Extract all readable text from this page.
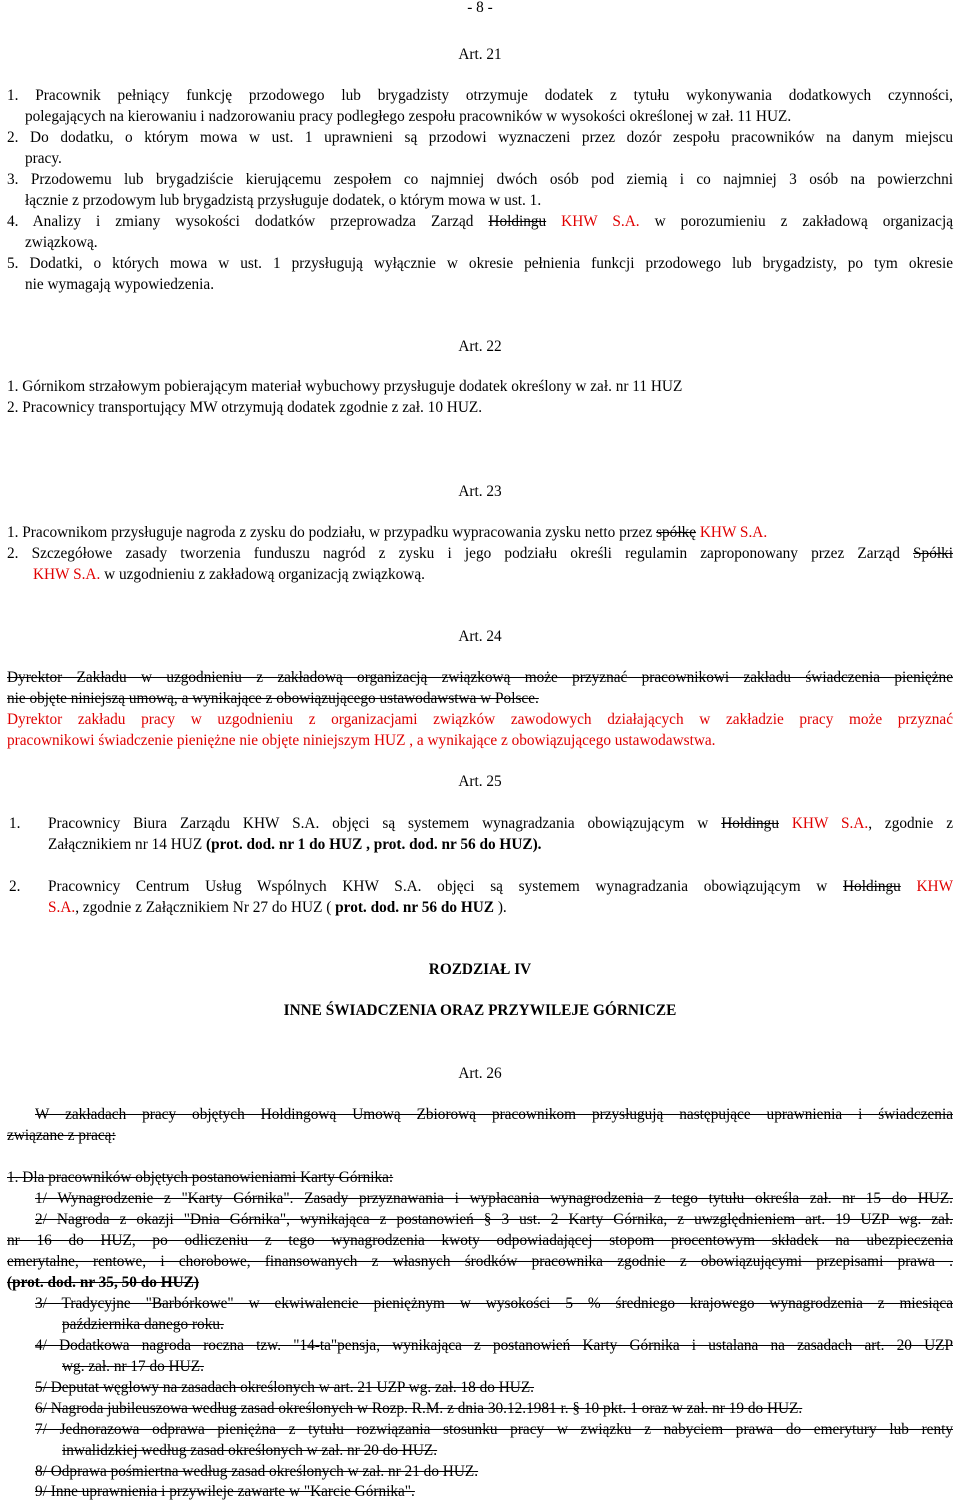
- 8 -
Art. 21
1. Pracownik pełniący funkcję przodowego lub brygadzisty otrzymuje dodatek z tytułu wykonywania dodatkowych czynności,
polegających na kierowaniu i nadzorowaniu pracy podległego zespołu pracowników w wysokości określonej w zał. 11 HUZ.
2. Do dodatku, o którym mowa w ust. 1 uprawnieni są przodowi wyznaczeni przez dozór zespołu pracowników na danym miejscu
pracy.
3. Przodowemu lub brygadziście kierującemu zespołem co najmniej dwóch osób pod ziemią i co najmniej 3 osób na powierzchni
łącznie z przodowym lub brygadzistą przysługuje dodatek, o którym mowa w ust. 1.
4. Analizy i zmiany wysokości dodatków przeprowadza Zarząd Holdingu KHW S.A. w porozumieniu z zakładową organizacją
związkową.
5. Dodatki, o których mowa w ust. 1 przysługują wyłącznie w okresie pełnienia funkcji przodowego lub brygadzisty, po tym okresie
nie wymagają wypowiedzenia.
Art. 22
1. Górnikom strzałowym pobierającym materiał wybuchowy przysługuje dodatek określony w zał. nr 11 HUZ
2. Pracownicy transportujący MW otrzymują dodatek zgodnie z zał. 10 HUZ.
Art. 23
1. Pracownikom przysługuje nagroda z zysku do podziału, w przypadku wypracowania zysku netto przez spółkę KHW S.A.
2. Szczegółowe zasady tworzenia funduszu nagród z zysku i jego podziału określi regulamin zaproponowany przez Zarząd Spółki
KHW S.A. w uzgodnieniu z zakładową organizacją związkową.
Art. 24
Dyrektor Zakładu w uzgodnieniu z zakładową organizacją związkową może przyznać pracownikowi zakładu świadczenia pieniężne
nie objęte niniejszą umową, a wynikające z obowiązującego ustawodawstwa w Polsce.
Dyrektor zakładu pracy w uzgodnieniu z organizacjami związków zawodowych działających w zakładzie pracy może przyznać
pracownikowi świadczenie pieniężne nie objęte niniejszym HUZ , a wynikające z obowiązującego ustawodawstwa.
Art. 25
1. Pracownicy Biura Zarządu KHW S.A. objęci są systemem wynagradzania obowiązującym w Holdingu KHW S.A., zgodnie z
Załącznikiem nr 14 HUZ (prot. dod. nr 1 do HUZ , prot. dod. nr 56 do HUZ).
2. Pracownicy Centrum Usług Wspólnych KHW S.A. objęci są systemem wynagradzania obowiązującym w Holdingu KHW
S.A., zgodnie z Załącznikiem Nr 27 do HUZ ( prot. dod. nr 56 do HUZ ).
ROZDZIAŁ IV
INNE ŚWIADCZENIA ORAZ PRZYWILEJE GÓRNICZE
Art. 26
W zakładach pracy objętych Holdingową Umową Zbiorową pracownikom przysługują następujące uprawnienia i świadczenia
związane z pracą:
1. Dla pracowników objętych postanowieniami Karty Górnika:
1/ Wynagrodzenie z "Karty Górnika". Zasady przyznawania i wypłacania wynagrodzenia z tego tytułu określa zał. nr 15 do HUZ.
2/ Nagroda z okazji "Dnia Górnika", wynikająca z postanowień § 3 ust. 2 Karty Górnika, z uwzględnieniem art. 19 UZP wg. zał.
nr 16 do HUZ, po odliczeniu z tego wynagrodzenia kwoty odpowiadającej stopom procentowym składek na ubezpieczenia
emerytalne, rentowe, i chorobowe, finansowanych z własnych środków pracownika zgodnie z obowiązującymi przepisami prawa .
(prot. dod. nr 35, 50 do HUZ)
3/ Tradycyjne "Barbórkowe" w ekwiwalencie pieniężnym w wysokości 5 % średniego krajowego wynagrodzenia z miesiąca
października danego roku.
4/ Dodatkowa nagroda roczna tzw. "14-ta"pensja, wynikająca z postanowień Karty Górnika i ustalana na zasadach art. 20 UZP
wg. zał. nr 17 do HUZ.
5/ Deputat węglowy na zasadach określonych w art. 21 UZP wg. zał. 18 do HUZ.
6/ Nagroda jubileuszowa według zasad określonych w Rozp. R.M. z dnia 30.12.1981 r. § 10 pkt. 1 oraz w zał. nr 19 do HUZ.
7/ Jednorazowa odprawa pieniężna z tytułu rozwiązania stosunku pracy w związku z nabyciem prawa do emerytury lub renty
inwalidzkiej według zasad określonych w zał. nr 20 do HUZ.
8/ Odprawa pośmiertna według zasad określonych w zał. nr 21 do HUZ.
9/ Inne uprawnienia i przywileje zawarte w "Karcie Górnika".
